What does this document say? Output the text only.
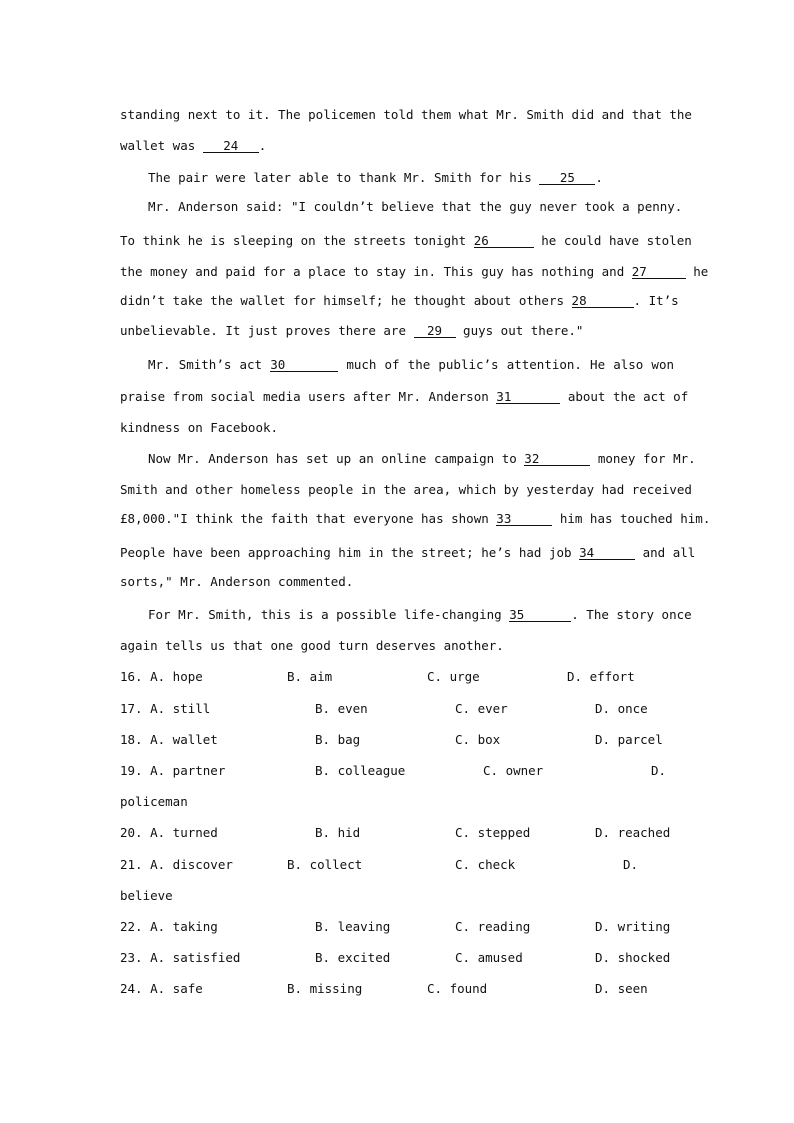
standing next to it. The policemen told them what Mr. Smith did and that the
wallet was 24 .
The pair were later able to thank Mr. Smith for his 25 .
Mr. Anderson said: "I couldn’t believe that the guy never took a penny.
To think he is sleeping on the streets tonight 26	he could have stolen
the money and paid for a place to stay in. This guy has nothing and 27	he
didn’t take the wallet for himself; he thought about others 28	. It’s
unbelievable. It just proves there are 29 guys out there."
Mr. Smith’s act 30	much of the public’s attention. He also won
praise from social media users after Mr. Anderson 31	about the act of
kindness on Facebook.
Now Mr. Anderson has set up an online campaign to 32	money for Mr.
Smith and other homeless people in the area, which by yesterday had received
£8,000."I think the faith that everyone has shown 33	him has touched him.
People have been approaching him in the street; he’s had job 34	and all
sorts," Mr. Anderson commented.
For Mr. Smith, this is a possible life-changing 35	. The story once
again tells us that one good turn deserves another.
16. A. hope	B. aim	C. urge	D. effort
17. A. still	B. even	C. ever	D. once
18. A. wallet	B. bag	C. box	D. parcel
19. A. partner	B. colleague	C. owner	D.
policeman
20. A. turned	B. hid	C. stepped	D. reached
21. A. discover	B. collect	C. check	D.
believe
22. A. taking	B. leaving	C. reading	D. writing
23. A. satisfied	B. excited	C. amused	D. shocked
24. A. safe	B. missing	C. found	D. seen
